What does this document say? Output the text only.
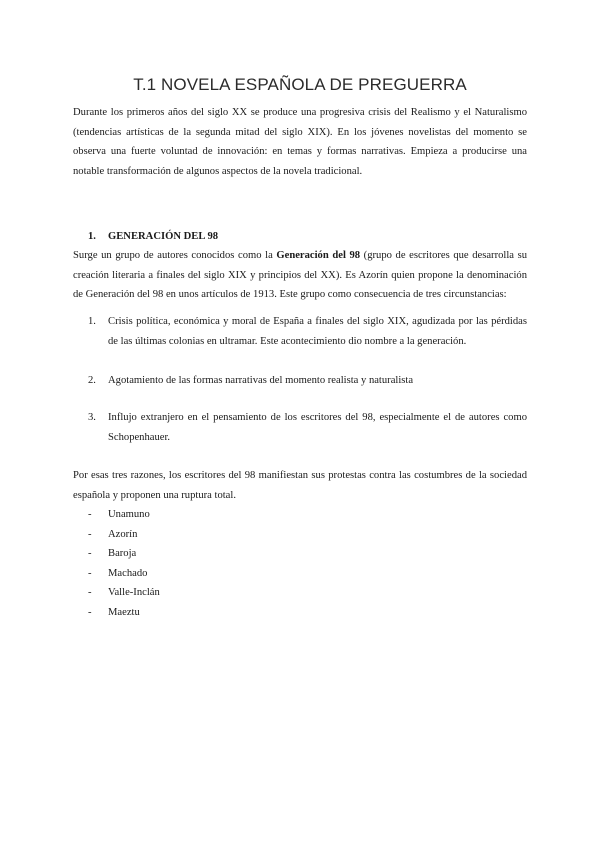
T.1 NOVELA ESPAÑOLA DE PREGUERRA

Durante los primeros años del siglo XX se produce una progresiva crisis del Realismo y el Naturalismo (tendencias artísticas de la segunda mitad del siglo XIX). En los jóvenes novelistas del momento se observa una fuerte voluntad de innovación: en temas y formas narrativas. Empieza a producirse una notable transformación de algunos aspectos de la novela tradicional.

1. GENERACIÓN DEL 98

Surge un grupo de autores conocidos como la Generación del 98 (grupo de escritores que desarrolla su creación literaria a finales del siglo XIX y principios del XX). Es Azorín quien propone la denominación de Generación del 98 en unos artículos de 1913. Este grupo como consecuencia de tres circunstancias:

1.	Crisis política, económica y moral de España a finales del siglo XIX, agudizada por las pérdidas de las últimas colonias en ultramar. Este acontecimiento dio nombre a la generación.
2.	Agotamiento de las formas narrativas del momento realista y naturalista
3.	Influjo extranjero en el pensamiento de los escritores del 98, especialmente el de autores como Schopenhauer.

Por esas tres razones, los escritores del 98 manifiestan sus protestas contra las costumbres de la sociedad española y proponen una ruptura total.

-	Unamuno
-	Azorín
-	Baroja
-	Machado
-	Valle-Inclán
-	Maeztu
